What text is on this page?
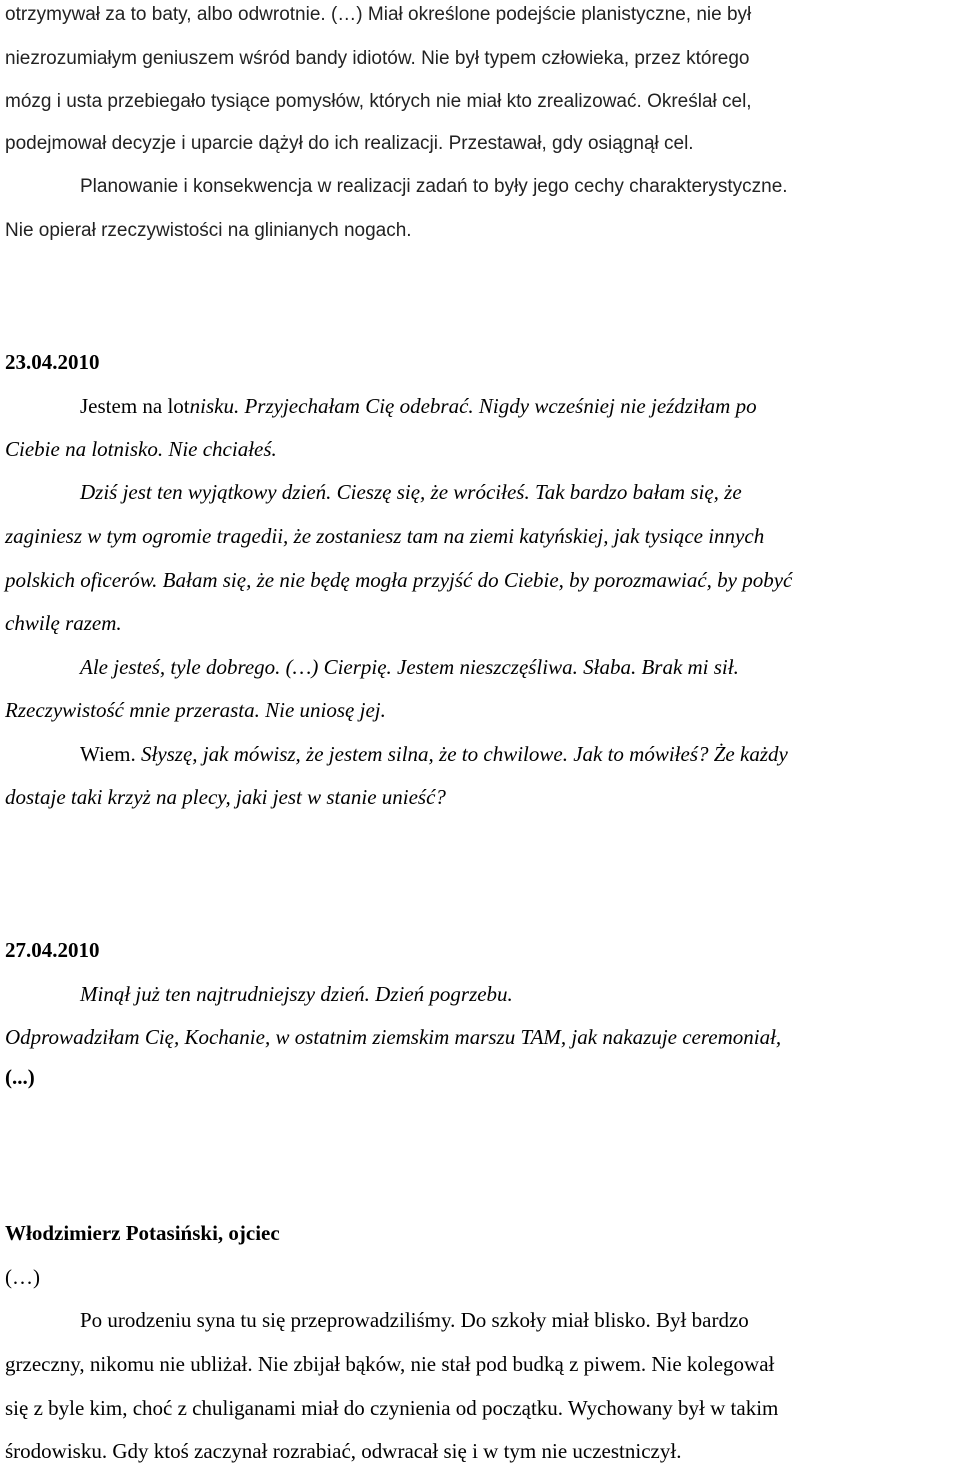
otrzymywał za to baty, albo odwrotnie. (…) Miał określone podejście planistyczne, nie był
niezrozumiałym geniuszem wśród bandy idiotów. Nie był typem człowieka, przez którego
mózg i usta przebiegało tysiące pomysłów, których nie miał kto zrealizować. Określał cel,
podejmował decyzje i uparcie dążył do ich realizacji. Przestawał, gdy osiągnął cel.
Planowanie i konsekwencja w realizacji zadań to były jego cechy charakterystyczne.
Nie opierał rzeczywistości na glinianych nogach.
23.04.2010
Jestem na lotnisku. Przyjechałam Cię odebrać. Nigdy wcześniej nie jeździłam po
Ciebie na lotnisko. Nie chciałeś.
Dziś jest ten wyjątkowy dzień. Cieszę się, że wróciłeś. Tak bardzo bałam się, że
zaginiesz w tym ogromie tragedii, że zostaniesz tam na ziemi katyńskiej, jak tysiące innych
polskich oficerów. Bałam się, że nie będę mogła przyjść do Ciebie, by porozmawiać, by pobyć
chwilę razem.
Ale jesteś, tyle dobrego. (…) Cierpię. Jestem nieszczęśliwa. Słaba. Brak mi sił.
Rzeczywistość mnie przerasta. Nie uniosę jej.
Wiem. Słyszę, jak mówisz, że jestem silna, że to chwilowe. Jak to mówiłeś? Że każdy
dostaje taki krzyż na plecy, jaki jest w stanie unieść?
27.04.2010
Minął już ten najtrudniejszy dzień. Dzień pogrzebu.
Odprowadziłam Cię, Kochanie, w ostatnim ziemskim marszu TAM, jak nakazuje ceremoniał,
(...)
Włodzimierz Potasiński, ojciec
(…)
Po urodzeniu syna tu się przeprowadziliśmy. Do szkoły miał blisko. Był bardzo
grzeczny, nikomu nie ubliżał. Nie zbijał bąków, nie stał pod budką z piwem. Nie kolegował
się z byle kim, choć z chuliganami miał do czynienia od początku. Wychowany był w takim
środowisku. Gdy ktoś zaczynał rozrabiać, odwracał się i w tym nie uczestniczył.
